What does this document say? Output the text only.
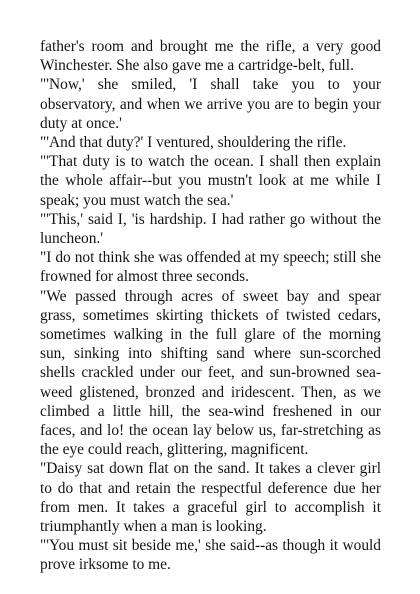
father's room and brought me the rifle, a very good Winchester. She also gave me a cartridge-belt, full.

"'Now,' she smiled, 'I shall take you to your observatory, and when we arrive you are to begin your duty at once.'

"'And that duty?' I ventured, shouldering the rifle.

"'That duty is to watch the ocean. I shall then explain the whole affair--but you mustn't look at me while I speak; you must watch the sea.'

"'This,' said I, 'is hardship. I had rather go without the luncheon.'

"I do not think she was offended at my speech; still she frowned for almost three seconds.

"We passed through acres of sweet bay and spear grass, sometimes skirting thickets of twisted cedars, sometimes walking in the full glare of the morning sun, sinking into shifting sand where sun-scorched shells crackled under our feet, and sun-browned sea-weed glistened, bronzed and iridescent. Then, as we climbed a little hill, the sea-wind freshened in our faces, and lo! the ocean lay below us, far-stretching as the eye could reach, glittering, magnificent.

"Daisy sat down flat on the sand. It takes a clever girl to do that and retain the respectful deference due her from men. It takes a graceful girl to accomplish it triumphantly when a man is looking.

"'You must sit beside me,' she said--as though it would prove irksome to me.
